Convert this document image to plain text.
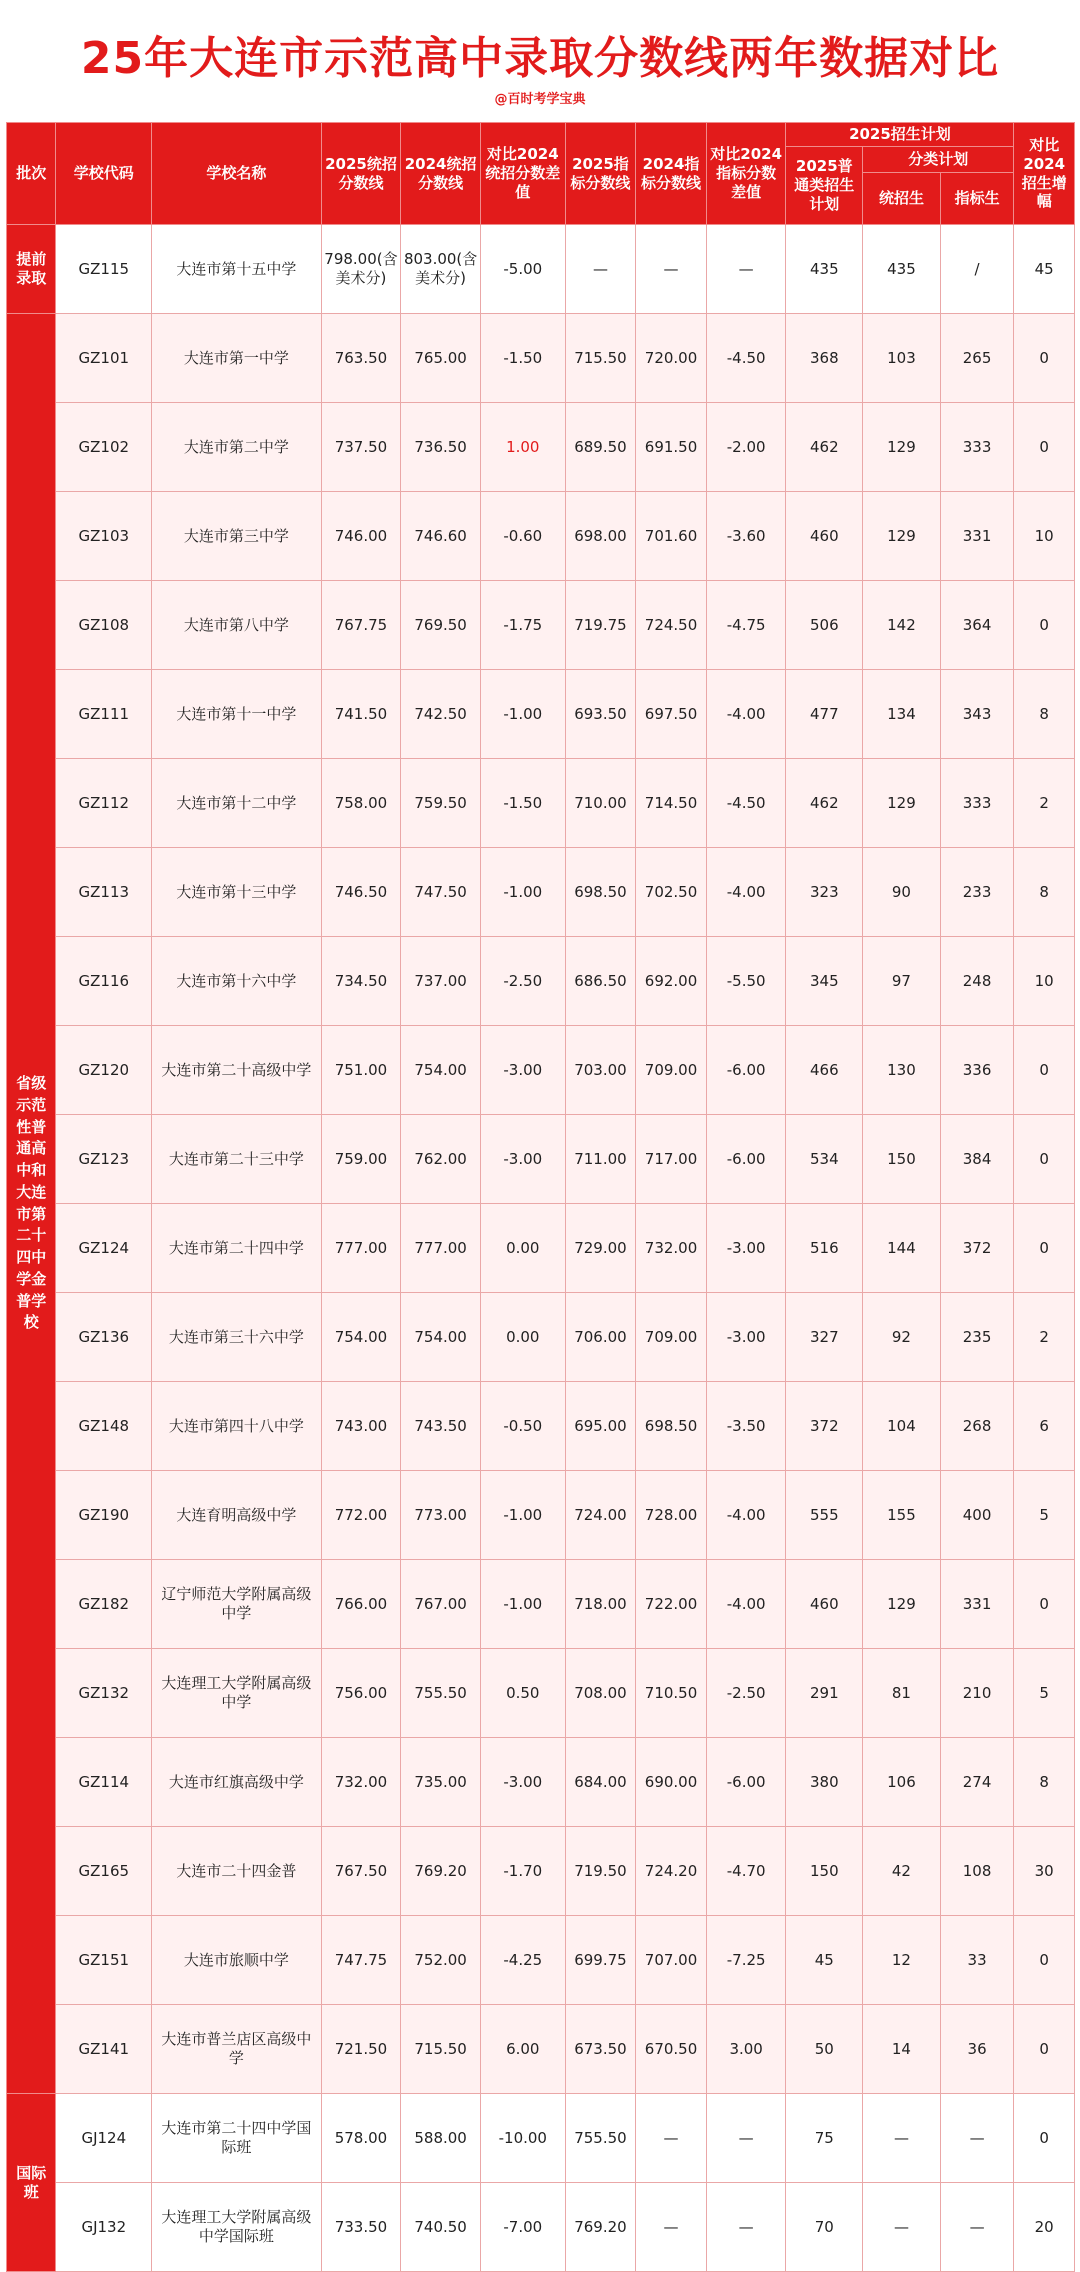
25年大连市示范高中录取分数线两年数据对比
@百时考学宝典
批次	学校代码	学校名称	2025统招分数线	2024统招分数线	对比2024统招分数差值	2025指标分数线	2024指标分数线	对比2024指标分数差值	2025招生计划			对比2024招生增幅
									2025普通类招生计划	分类计划		
										统招生	指标生	
提前录取	GZ115	大连市第十五中学	798.00(含美术分)	803.00(含美术分)	-5.00	—	—	—	435	435	/	45
省级示范性普通高中和大连市第二十四中学金普学校	GZ101	大连市第一中学	763.50	765.00	-1.50	715.50	720.00	-4.50	368	103	265	0
	GZ102	大连市第二中学	737.50	736.50	1.00	689.50	691.50	-2.00	462	129	333	0
	GZ103	大连市第三中学	746.00	746.60	-0.60	698.00	701.60	-3.60	460	129	331	10
	GZ108	大连市第八中学	767.75	769.50	-1.75	719.75	724.50	-4.75	506	142	364	0
	GZ111	大连市第十一中学	741.50	742.50	-1.00	693.50	697.50	-4.00	477	134	343	8
	GZ112	大连市第十二中学	758.00	759.50	-1.50	710.00	714.50	-4.50	462	129	333	2
	GZ113	大连市第十三中学	746.50	747.50	-1.00	698.50	702.50	-4.00	323	90	233	8
	GZ116	大连市第十六中学	734.50	737.00	-2.50	686.50	692.00	-5.50	345	97	248	10
	GZ120	大连市第二十高级中学	751.00	754.00	-3.00	703.00	709.00	-6.00	466	130	336	0
	GZ123	大连市第二十三中学	759.00	762.00	-3.00	711.00	717.00	-6.00	534	150	384	0
	GZ124	大连市第二十四中学	777.00	777.00	0.00	729.00	732.00	-3.00	516	144	372	0
	GZ136	大连市第三十六中学	754.00	754.00	0.00	706.00	709.00	-3.00	327	92	235	2
	GZ148	大连市第四十八中学	743.00	743.50	-0.50	695.00	698.50	-3.50	372	104	268	6
	GZ190	大连育明高级中学	772.00	773.00	-1.00	724.00	728.00	-4.00	555	155	400	5
	GZ182	辽宁师范大学附属高级中学	766.00	767.00	-1.00	718.00	722.00	-4.00	460	129	331	0
	GZ132	大连理工大学附属高级中学	756.00	755.50	0.50	708.00	710.50	-2.50	291	81	210	5
	GZ114	大连市红旗高级中学	732.00	735.00	-3.00	684.00	690.00	-6.00	380	106	274	8
	GZ165	大连市二十四金普	767.50	769.20	-1.70	719.50	724.20	-4.70	150	42	108	30
	GZ151	大连市旅顺中学	747.75	752.00	-4.25	699.75	707.00	-7.25	45	12	33	0
	GZ141	大连市普兰店区高级中学	721.50	715.50	6.00	673.50	670.50	3.00	50	14	36	0
国际班	GJ124	大连市第二十四中学国际班	578.00	588.00	-10.00	755.50	—	—	75	—	—	0
	GJ132	大连理工大学附属高级中学国际班	733.50	740.50	-7.00	769.20	—	—	70	—	—	20
